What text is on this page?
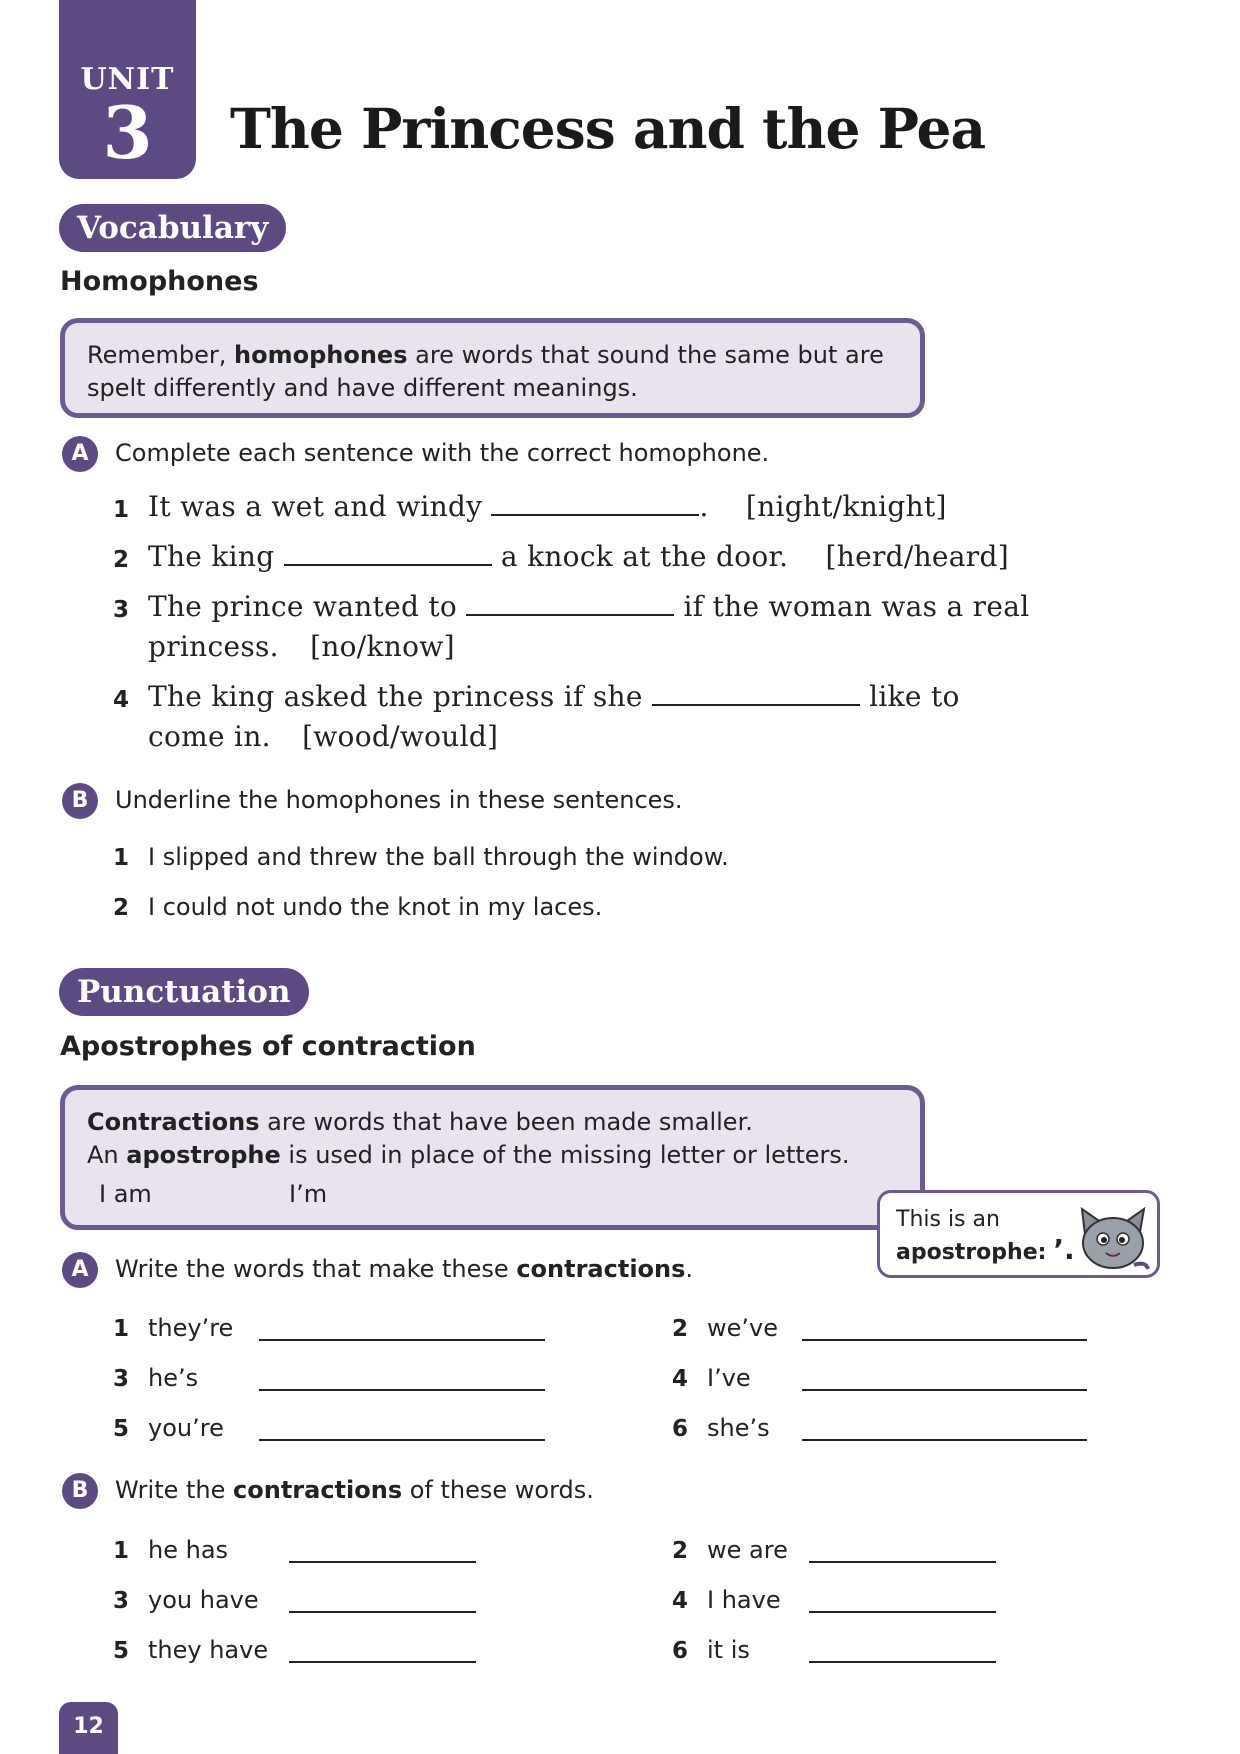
UNIT
3	The Princess and the Pea
Vocabulary
Homophones
Remember, homophones are words that sound the same but are spelt differently and have different meanings.
A	Complete each sentence with the correct homophone.
1 It was a wet and windy	. [night/knight]
2 The king	a knock at the door. [herd/heard]
3 The prince wanted to	if the woman was a real
princess. [no/know]
4 The king asked the princess if she	like to
come in. [wood/would]
B	Underline the homophones in these sentences.
1 I slipped and threw the ball through the window.
2 I could not undo the knot in my laces.
Punctuation
Apostrophes of contraction
Contractions are words that have been made smaller.
An apostrophe is used in place of the missing letter or letters.
I am	I’m
This is an
apostrophe: ’.
A	Write the words that make these contractions.
1 they’re	2 we’ve
3 he’s	4 I’ve
5 you’re	6 she’s
B	Write the contractions of these words.
1 he has	2 we are
3 you have	4 I have
5 they have	6 it is
12
